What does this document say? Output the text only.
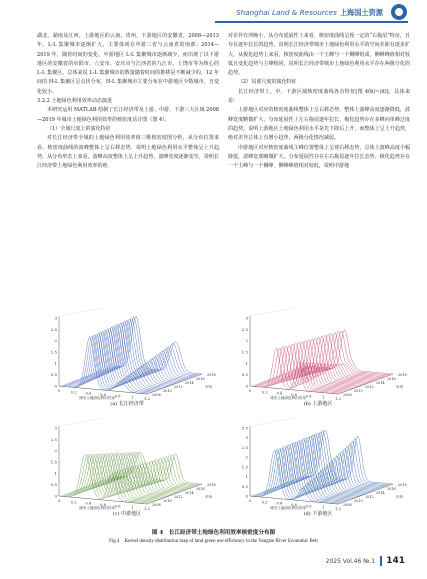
Shanghai Land & Resources 上海国土资源

湖北、湖南及江西，上游地区的云南、贵州，下游地区的安徽省，2008—2013 年，L-L 集聚城市逐渐扩大，主要体现在中游三省与云南省的南部；2014—2019 年，随着时间的变化，中游地区 L-L 集聚城市逐渐减少，而出现了以下游地区的安徽省的阜阳市、六安市、安庆市与江西省的九江市、上饶市等为核心的 L-L 集聚区。总体来说 L-L 集聚城市的数量随着时间的推移是不断减少的，12 年间的 H-L 集聚区呈点状分布，H-L 集聚城市主要分布在中游地区少数城市，且变化较小。

3.2.2 土地绿色利用效率动态演进

本研究运用 MATLAB 绘制了长江经济带及上游、中游、下游三大区域 2008—2019 年城市土地绿色利用效率的核密度估计图（图 4）。

（1）全域尺度上的演化特征

对长江经济带全域的土地绿色利用效率值三维核密度图分析，从分布位置来看，核密度曲线的波峰整体上呈右移态势，说明土地绿色利用水平整体呈上升趋势，从分布形态上来看，波峰高度整体上呈上升趋势，波峰宽度逐渐变窄，说明长江经济带土地绿色利用效率的绝

对差异有所缩小，从分布延展性上来看，核密度曲线呈现一定的“右拖尾”特征，且存在逐年拉长的趋势，说明长江经济带城市土地绿色利用水平的空间差距有逐步扩大，从极化趋势上来看，核密度曲线由一个主峰与一个侧峰组成，侧峰峰值相对较低且变化趋势与主峰相同，说明长江经济带城市土地绿色利用水平存在两极分化的趋势。

（2）局部尺度的演化特征

长江经济带上、中、下游区域核密度曲线各有特征[图 4(b)~(d)]，具体来看：

上游地区对应的核密度曲线整体上呈右移态势，整体上波峰高度逐渐降低，波峰宽度略微扩大，分布延展性上左右拖尾逐年拉长，极化趋势存在多峰向单峰过度的趋势，说明上游地区土地绿色利用水平是先下降后上升，而整体上呈上升趋势，绝对差异总体上有增小趋势，两极分化情况减弱。

中游地区对应核密度曲线主峰位置整体上呈现右移态势，总体上波峰高度小幅降低，波峰宽度略微扩大，分布延展性存在左右拖尾逐年拉长态势，极化趋势存在一个主峰与一个侧峰，侧峰峰值相对较低，说明中游地

0
0.5
1
1.5
2
2.5
3
0	0.2 0.4 0.6 0.8	1	1.2
2008
2010
2012
2014
2016
2018
城市土地绿色利用效率
年份
(a) 长江经济带
0
0.5
1
1.5
2
2.5
3
0	0.2 0.4 0.6 0.8	1	1.2
2008
2010
2012
2014
2016
2018
城市土地绿色利用效率
年份
(b) 上游地区
0
0.5
1
1.5
2
2.5
3
0	0.2 0.4 0.6 0.8	1	1.2
2008
2010
2012
2014
2016
2018
城市土地绿色利用效率
年份
(c) 中游地区
0
0.5
1
1.5
2
2.5
3
3.5
0	0.2 0.4 0.6 0.8	1	1.2
2008
2010
2012
2014
2016
2018
城市土地绿色利用效率
年份
(d) 下游地区
图 4　长江经济带土地绿色利用效率核密度分布图
Fig.4　Kernel density distribution map of land green use efficiency in the Yangtze River Economic Belt
2025 Vol.46 №.1 141
